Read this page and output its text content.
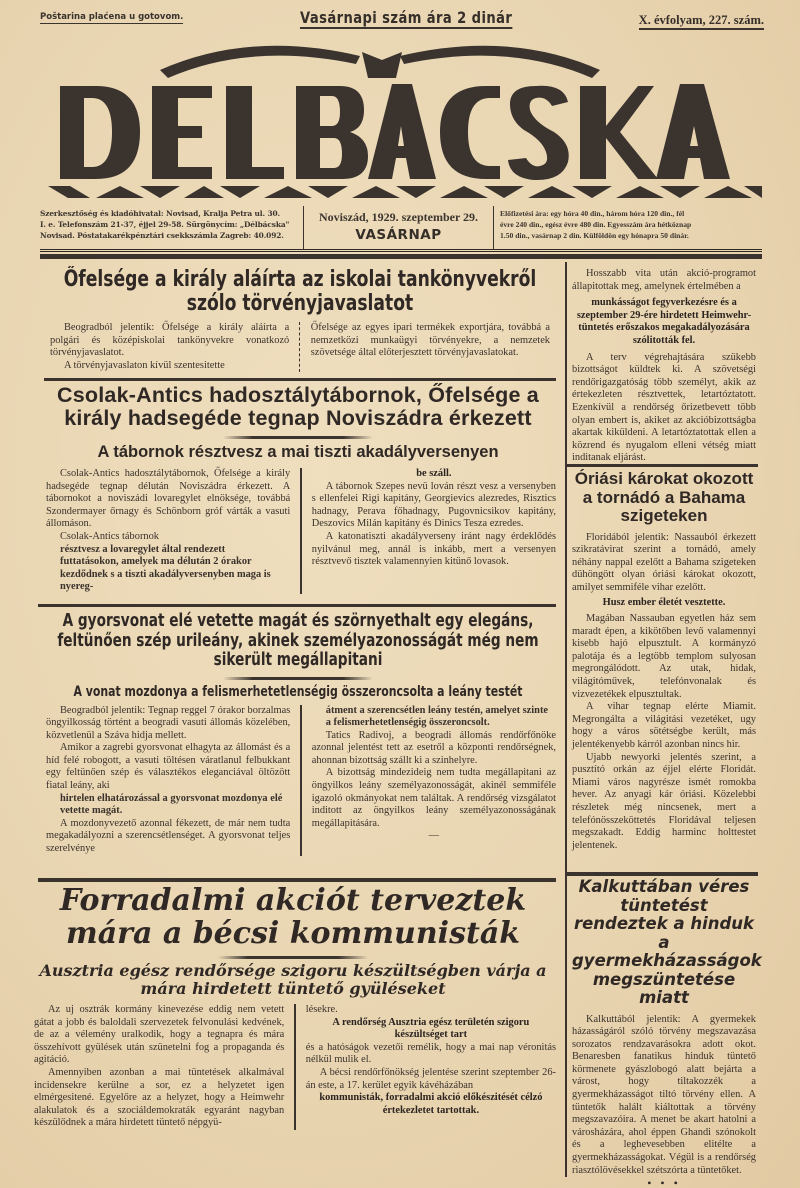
Poštarina plaćena u gotovom.	Vasárnapi szám ára 2 dinár	X. évfolyam, 227. szám.
Szerkesztőség és kiadóhivatal: Novisad, Kralja Petra ul. 30.
I. e. Telefonszám 21-37, éjjel 29-58. Sürgönycím: „Délbácska"
Novisad. Póstatakarékpénztári csekkszámla Zagreb: 40.092.
Noviszád, 1929. szeptember 29.
VASÁRNAP
Előfizetési ára: egy hóra 40 din., három hóra 120 din., fél
évre 240 din., egész évre 480 din. Egyesszám ára hétköznap
1.50 din., vasárnap 2 din. Külföldön egy hónapra 50 dinár.
Őfelsége a király aláírta az iskolai tankönyvekről szólo törvényjavaslatot

Beogradból jelentik: Őfelsége a király aláírta a polgári és középiskolai tankönyvekre vonatkozó törvényjavaslatot.

A törvényjavaslaton kívül szentesitette

Őfelsége az egyes ipari termékek exportjára, továbbá a nemzetközi munkaügyi törvényekre, a nemzetek szövetsége által előterjesztett törvényjavaslatokat.

Csolak-Antics hadosztálytábornok, Őfelsége a király hadsegéde tegnap Noviszádra érkezett
A tábornok résztvesz a mai tiszti akadályversenyen

Csolak-Antics hadosztálytábornok, Őfelsége a király hadsegéde tegnap délután Noviszádra érkezett. A tábornokot a noviszádi lovaregylet elnöksége, továbbá Szondermayer őrnagy és Schönborn gróf várták a vasuti állomáson.

Csolak-Antics tábornok

résztvesz a lovaregylet által rendezett futtatásokon, amelyek ma délután 2 órakor kezdődnek s a tiszti akadályversenyben maga is nyereg-

be száll.

A tábornok Szepes nevü lován részt vesz a versenyben s ellenfelei Rigi kapitány, Georgievics alezredes, Risztics hadnagy, Perava főhadnagy, Pugovnicsikov kapitány, Deszovics Milán kapitány és Dinics Tesza ezredes.

A katonatiszti akadályverseny iránt nagy érdeklődés nyilvánul meg, annál is inkább, mert a versenyen résztvevő tisztek valamennyien kitünő lovasok.

A gyorsvonat elé vetette magát és szörnyethalt egy elegáns, feltünően szép urileány, akinek személyazonosságát még nem sikerült megállapitani
A vonat mozdonya a felismerhetetlenségig összeroncsolta a leány testét

Beogradból jelentik: Tegnap reggel 7 órakor borzalmas öngyilkosság történt a beogradi vasuti állomás közelében, közvetlenül a Száva hidja mellett.

Amikor a zagrebi gyorsvonat elhagyta az állomást és a híd felé robogott, a vasuti töltésen váratlanul felbukkant egy feltünően szép és választékos eleganciával öltözött fiatal leány, aki

hirtelen elhatározással a gyorsvonat mozdonya elé vetette magát.

A mozdonyvezető azonnal fékezett, de már nem tudta megakadályozni a szerencsétlenséget. A gyorsvonat teljes szerelvénye

átment a szerencsétlen leány testén, amelyet szinte a felismerhetetlenségig összeroncsolt.

Tatics Radivoj, a beogradi állomás rendőrfőnöke azonnal jelentést tett az esetről a központi rendőrségnek, ahonnan bizottság szállt ki a szinhelyre.

A bizottság mindezideig nem tudta megállapitani az öngyilkos leány személyazonosságát, akinél semmiféle igazoló okmányokat nem találtak. A rendőrség vizsgálatot inditott az öngyilkos leány személyazonosságának megállapitására.

—

Forradalmi akciót terveztek mára a bécsi kommunisták
Ausztria egész rendőrsége szigoru készültségben várja a mára hirdetett tüntető gyüléseket

Az uj osztrák kormány kinevezése eddig nem vetett gátat a jobb és baloldali szervezetek felvonulási kedvének, de az a vélemény uralkodik, hogy a tegnapra és mára összehívott gyülések után szünetelni fog a propaganda és agitáció.

Amennyiben azonban a mai tüntetések alkalmával incidensekre kerülne a sor, ez a helyzetet igen elmérgesitené. Egyelőre az a helyzet, hogy a Heimwehr alakulatok és a szociáldemokraták egyaránt nagyban készülődnek a mára hirdetett tüntető népgyü-

lésekre.

A rendőrség Ausztria egész területén szigoru készültséget tart

és a hatóságok vezetői remélik, hogy a mai nap véronitás nélkül mulik el.

A bécsi rendőrfőnökség jelentése szerint szeptember 26-án este, a 17. kerület egyik kávéházában

kommunisták, forradalmi akció előkészitését célzó értekezletet tartottak.

Hosszabb vita után akció-programot állapitottak meg, amelynek értelmében a

munkásságot fegyverkezésre és a szeptember 29-ére hirdetett Heimwehr-tüntetés erőszakos megakadályozására szólitották fel.

A terv végrehajtására szükebb bizottságot küldtek ki. A szövetségi rendőrigazgatóság több személyt, akik az értekezleten résztvettek, letartóztatott. Ezenkívül a rendőrség őrizetbevett több olyan embert is, akiket az akcióbizottságba akartak kiküldeni. A letartóztatottak ellen a közrend és nyugalom elleni vétség miatt inditanak eljárást.

Óriási károkat okozott a tornádó a Bahama szigeteken

Floridából jelentik: Nassauból érkezett szikratávirat szerint a tornádó, amely néhány nappal ezelőtt a Bahama szigeteken dühöngött olyan óriási károkat okozott, amilyet semmiféle vihar ezelőtt.

Husz ember életét vesztette.

Magában Nassauban egyetlen ház sem maradt épen, a kikötőben levő valamennyi kisebb hajó elpusztult. A kormányzó palotája és a legtöbb templom sulyosan megrongálódott. Az utak, hidak, világitóművek, telefónvonalak és vizvezetékek elpusztultak.

A vihar tegnap elérte Miamit. Megrongálta a világitási vezetéket, ugy hogy a város sötétségbe került, más jelentékenyebb kárról azonban nincs hir.

Ujabb newyorki jelentés szerint, a pusztító orkán az éjjel elérte Floridát. Miami város nagyrésze ismét romokba hever. Az anyagi kár óriási. Közelebbi részletek még nincsenek, mert a telefónösszeköttetés Floridával teljesen megszakadt. Eddig harminc holttestet jelentenek.

Kalkuttában véres tüntetést rendeztek a hinduk a gyermekházasságok megszüntetése miatt

Kalkuttából jelentik: A gyermekek házasságáról szóló törvény megszavazása sorozatos rendzavarásokra adott okot. Benaresben fanatikus hinduk tüntető körmenete gyászlobogó alatt bejárta a várost, hogy tiltakozzék a gyermekházasságot tiltó törvény ellen. A tüntetők halált kiáltottak a törvény megszavazóira. A menet be akart hatolni a városházára, ahol éppen Ghandi szónokolt és a leghevesebben elitélte a gyermekházasságokat. Végül is a rendőrség riasztólövésekkel szétszórta a tüntetőket.

• • •
